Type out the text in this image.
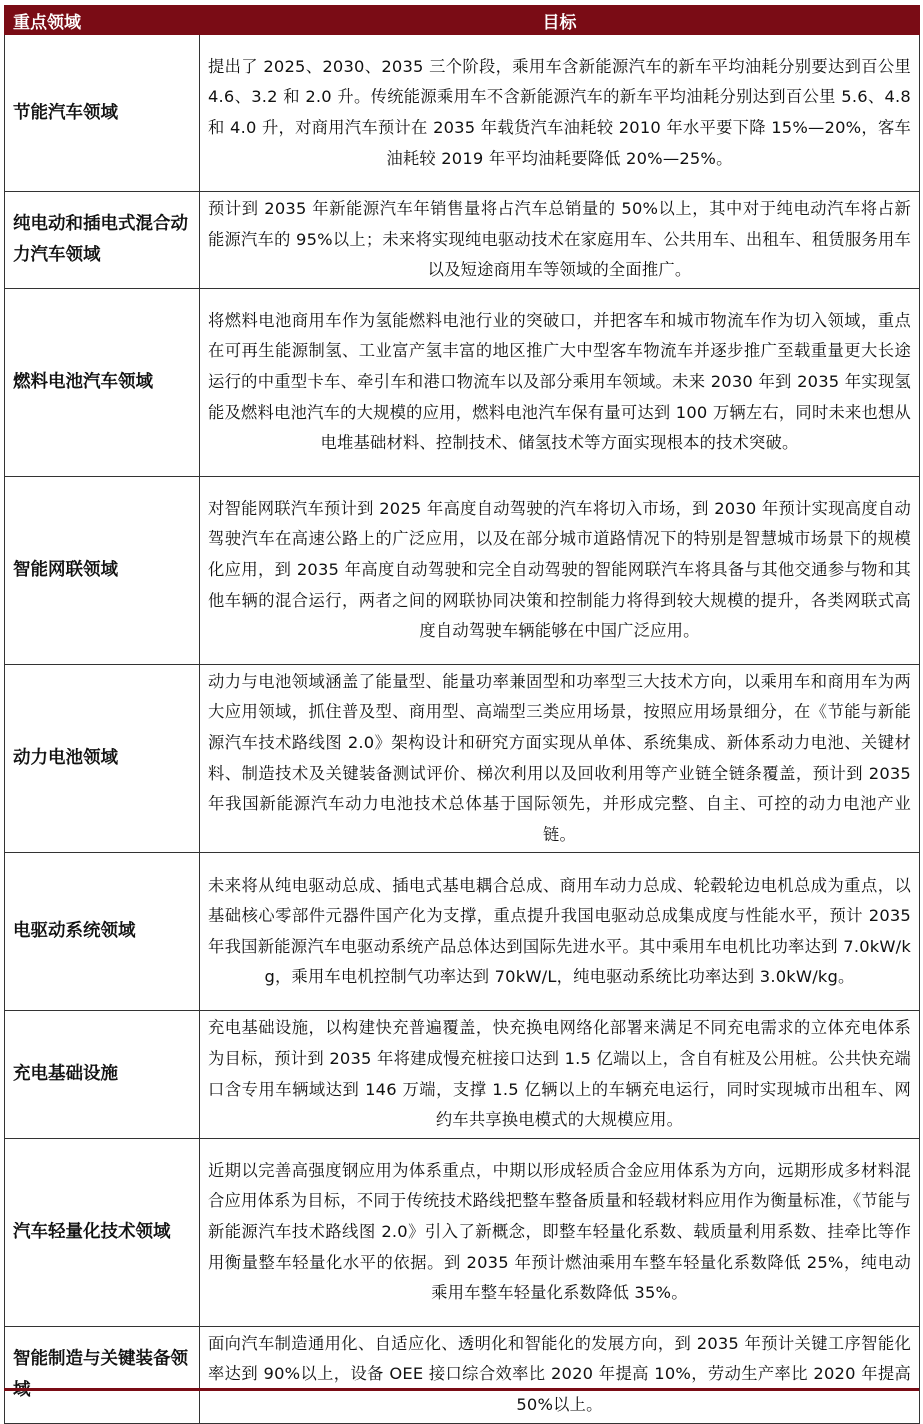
重点领域	目标
节能汽车领域	提出了 2025、2030、2035 三个阶段，乘用车含新能源汽车的新车平均油耗分别要达到百公里 4.6、3.2 和 2.0 升。传统能源乘用车不含新能源汽车的新车平均油耗分别达到百公里 5.6、4.8 和 4.0 升，对商用汽车预计在 2035 年载货汽车油耗较 2010 年水平要下降 15%—20%，客车油耗较 2019 年平均油耗要降低 20%—25%。
纯电动和插电式混合动力汽车领域	预计到 2035 年新能源汽车年销售量将占汽车总销量的 50%以上，其中对于纯电动汽车将占新能源汽车的 95%以上；未来将实现纯电驱动技术在家庭用车、公共用车、出租车、租赁服务用车以及短途商用车等领域的全面推广。
燃料电池汽车领域	将燃料电池商用车作为氢能燃料电池行业的突破口，并把客车和城市物流车作为切入领域，重点在可再生能源制氢、工业富产氢丰富的地区推广大中型客车物流车并逐步推广至载重量更大长途运行的中重型卡车、牵引车和港口物流车以及部分乘用车领域。未来 2030 年到 2035 年实现氢能及燃料电池汽车的大规模的应用，燃料电池汽车保有量可达到 100 万辆左右，同时未来也想从电堆基础材料、控制技术、储氢技术等方面实现根本的技术突破。
智能网联领域	对智能网联汽车预计到 2025 年高度自动驾驶的汽车将切入市场，到 2030 年预计实现高度自动驾驶汽车在高速公路上的广泛应用，以及在部分城市道路情况下的特别是智慧城市场景下的规模化应用，到 2035 年高度自动驾驶和完全自动驾驶的智能网联汽车将具备与其他交通参与物和其他车辆的混合运行，两者之间的网联协同决策和控制能力将得到较大规模的提升，各类网联式高度自动驾驶车辆能够在中国广泛应用。
动力电池领域	动力与电池领域涵盖了能量型、能量功率兼固型和功率型三大技术方向，以乘用车和商用车为两大应用领域，抓住普及型、商用型、高端型三类应用场景，按照应用场景细分，在《节能与新能源汽车技术路线图 2.0》架构设计和研究方面实现从单体、系统集成、新体系动力电池、关键材料、制造技术及关键装备测试评价、梯次利用以及回收利用等产业链全链条覆盖，预计到 2035 年我国新能源汽车动力电池技术总体基于国际领先，并形成完整、自主、可控的动力电池产业链。
电驱动系统领域	未来将从纯电驱动总成、插电式基电耦合总成、商用车动力总成、轮毂轮边电机总成为重点，以基础核心零部件元器件国产化为支撑，重点提升我国电驱动总成集成度与性能水平，预计 2035 年我国新能源汽车电驱动系统产品总体达到国际先进水平。其中乘用车电机比功率达到 7.0kW/kg，乘用车电机控制气功率达到 70kW/L，纯电驱动系统比功率达到 3.0kW/kg。
充电基础设施	充电基础设施，以构建快充普遍覆盖，快充换电网络化部署来满足不同充电需求的立体充电体系为目标，预计到 2035 年将建成慢充桩接口达到 1.5 亿端以上，含自有桩及公用桩。公共快充端口含专用车辆域达到 146 万端，支撑 1.5 亿辆以上的车辆充电运行，同时实现城市出租车、网约车共享换电模式的大规模应用。
汽车轻量化技术领域	近期以完善高强度钢应用为体系重点，中期以形成轻质合金应用体系为方向，远期形成多材料混合应用体系为目标，不同于传统技术路线把整车整备质量和轻载材料应用作为衡量标准，《节能与新能源汽车技术路线图 2.0》引入了新概念，即整车轻量化系数、载质量利用系数、挂牵比等作用衡量整车轻量化水平的依据。到 2035 年预计燃油乘用车整车轻量化系数降低 25%，纯电动乘用车整车轻量化系数降低 35%。
智能制造与关键装备领	面向汽车制造通用化、自适应化、透明化和智能化的发展方向，到 2035 年预计关键工序智能化率达到 90%以上，设备 OEE 接口综合效率比 2020 年提高 10%，劳动生产率比 2020 年提高 50%以上。
